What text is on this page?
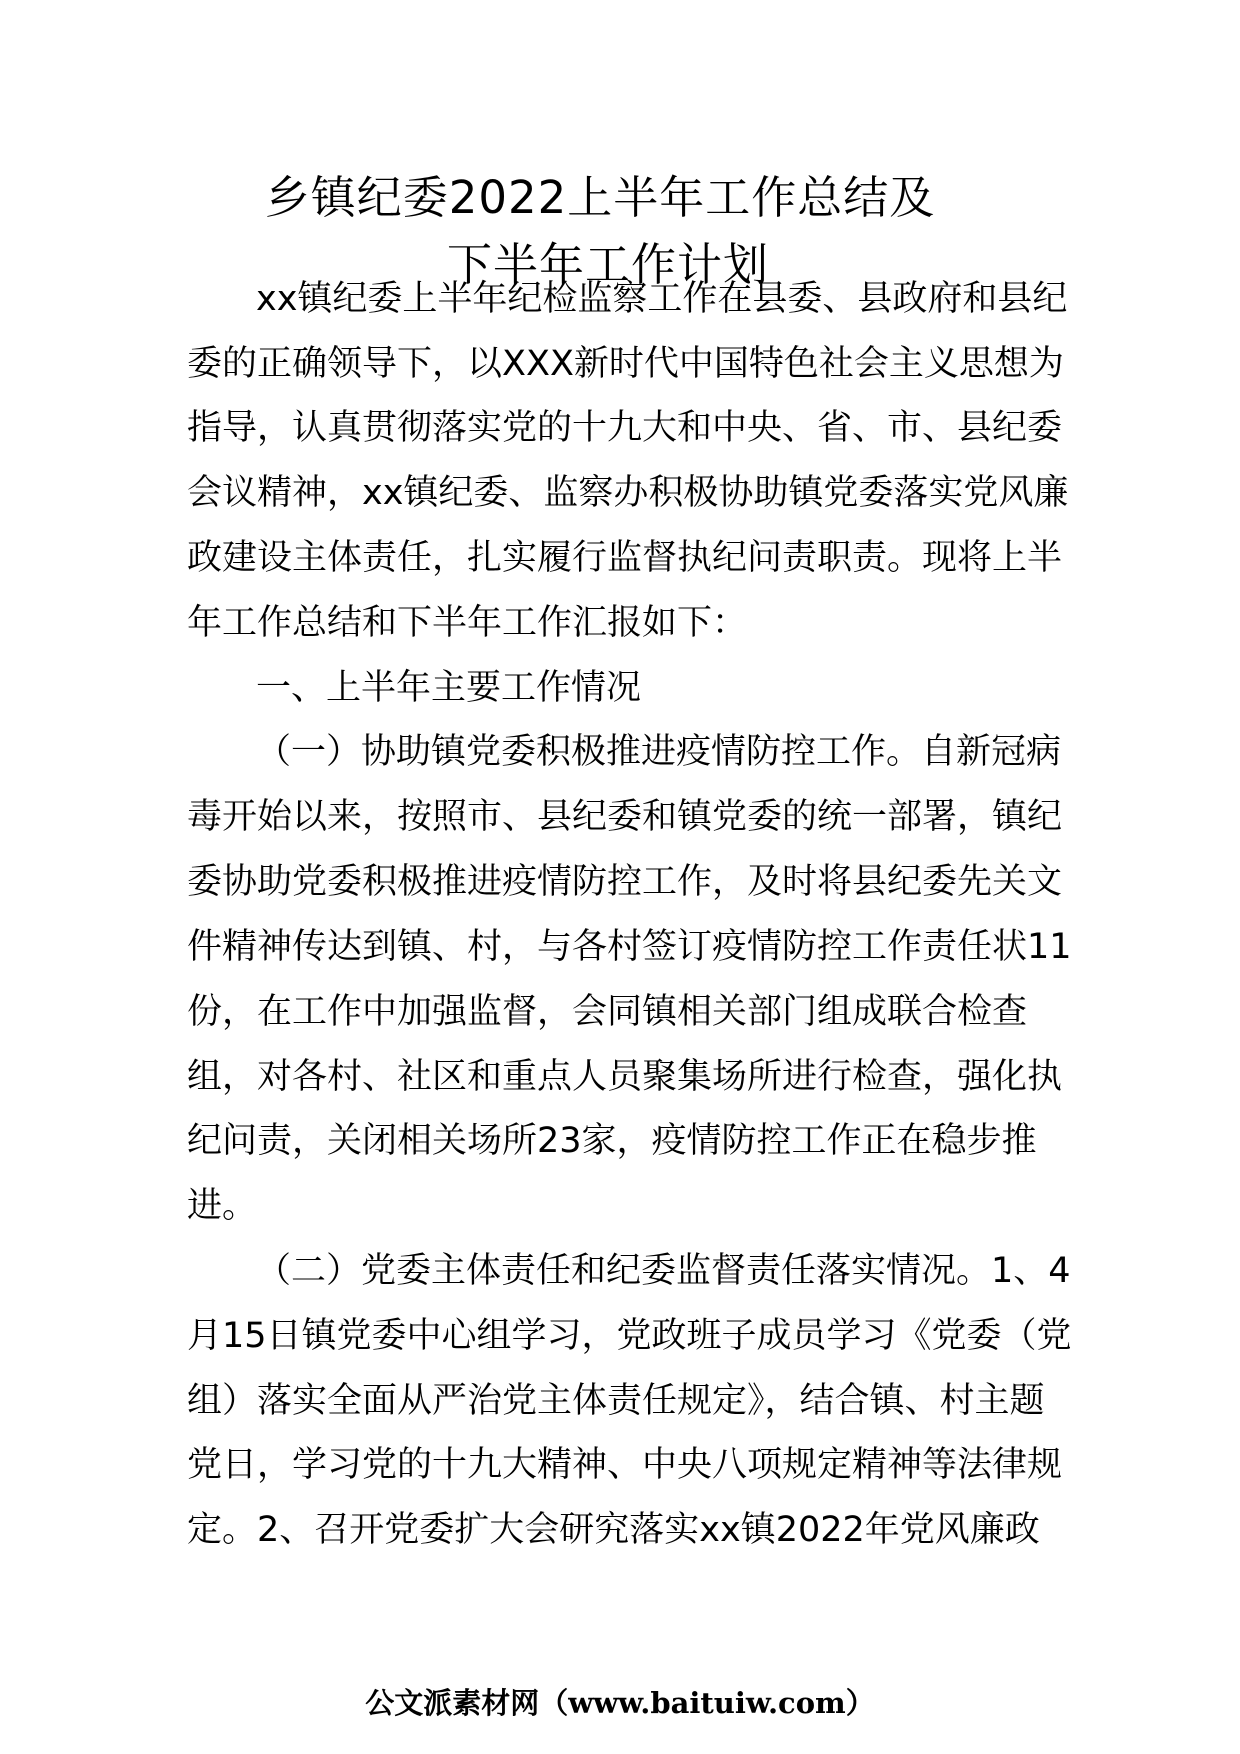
乡镇纪委2022上半年工作总结及
下半年工作计划
xx镇纪委上半年纪检监察工作在县委、县政府和县纪
委的正确领导下，以XXX新时代中国特色社会主义思想为
指导，认真贯彻落实党的十九大和中央、省、市、县纪委
会议精神，xx镇纪委、监察办积极协助镇党委落实党风廉
政建设主体责任，扎实履行监督执纪问责职责。现将上半
年工作总结和下半年工作汇报如下：
一、上半年主要工作情况
（一）协助镇党委积极推进疫情防控工作。自新冠病
毒开始以来，按照市、县纪委和镇党委的统一部署，镇纪
委协助党委积极推进疫情防控工作，及时将县纪委先关文
件精神传达到镇、村，与各村签订疫情防控工作责任状11
份，在工作中加强监督，会同镇相关部门组成联合检查
组，对各村、社区和重点人员聚集场所进行检查，强化执
纪问责，关闭相关场所23家，疫情防控工作正在稳步推
进。
（二）党委主体责任和纪委监督责任落实情况。1、4
月15日镇党委中心组学习，党政班子成员学习《党委（党
组）落实全面从严治党主体责任规定》，结合镇、村主题
党日，学习党的十九大精神、中央八项规定精神等法律规
定。2、召开党委扩大会研究落实xx镇2022年党风廉政
公文派素材网（www.baituiw.com）
